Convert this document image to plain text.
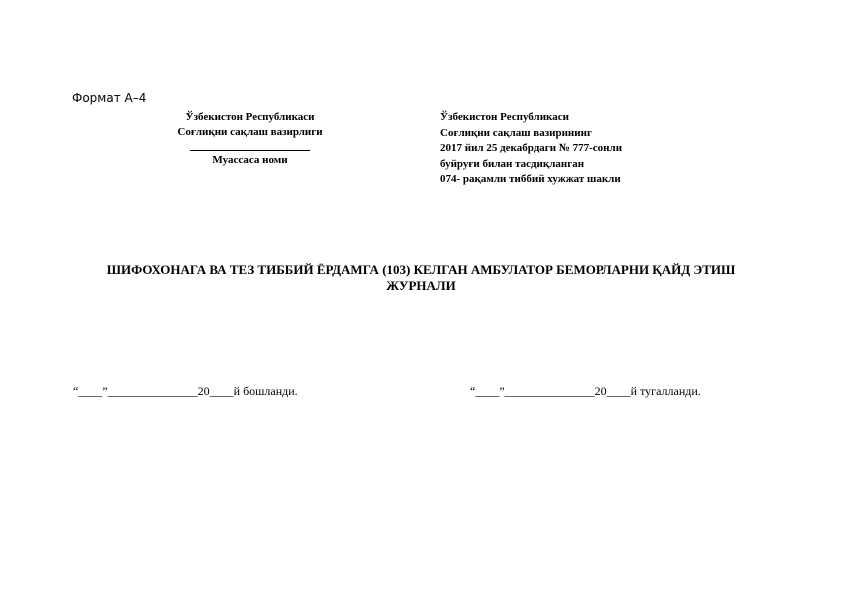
Формат А–4
Ўзбекистон Республикаси
Соғлиқни сақлаш вазирлиги
Муассаса номи
Ўзбекистон Республикаси
Соғлиқни сақлаш вазирининг
2017 йил 25 декабрдаги № 777-сонли
буйруғи билан тасдиқланган
074- рақамли тиббий хужжат шакли
ШИФОХОНАГА ВА ТЕЗ ТИББИЙ ЁРДАМГА (103) КЕЛГАН АМБУЛАТОР БЕМОРЛАРНИ ҚАЙД ЭТИШ
ЖУРНАЛИ
“____”_______________20____й бошланди.	“____”_______________20____й тугалланди.
